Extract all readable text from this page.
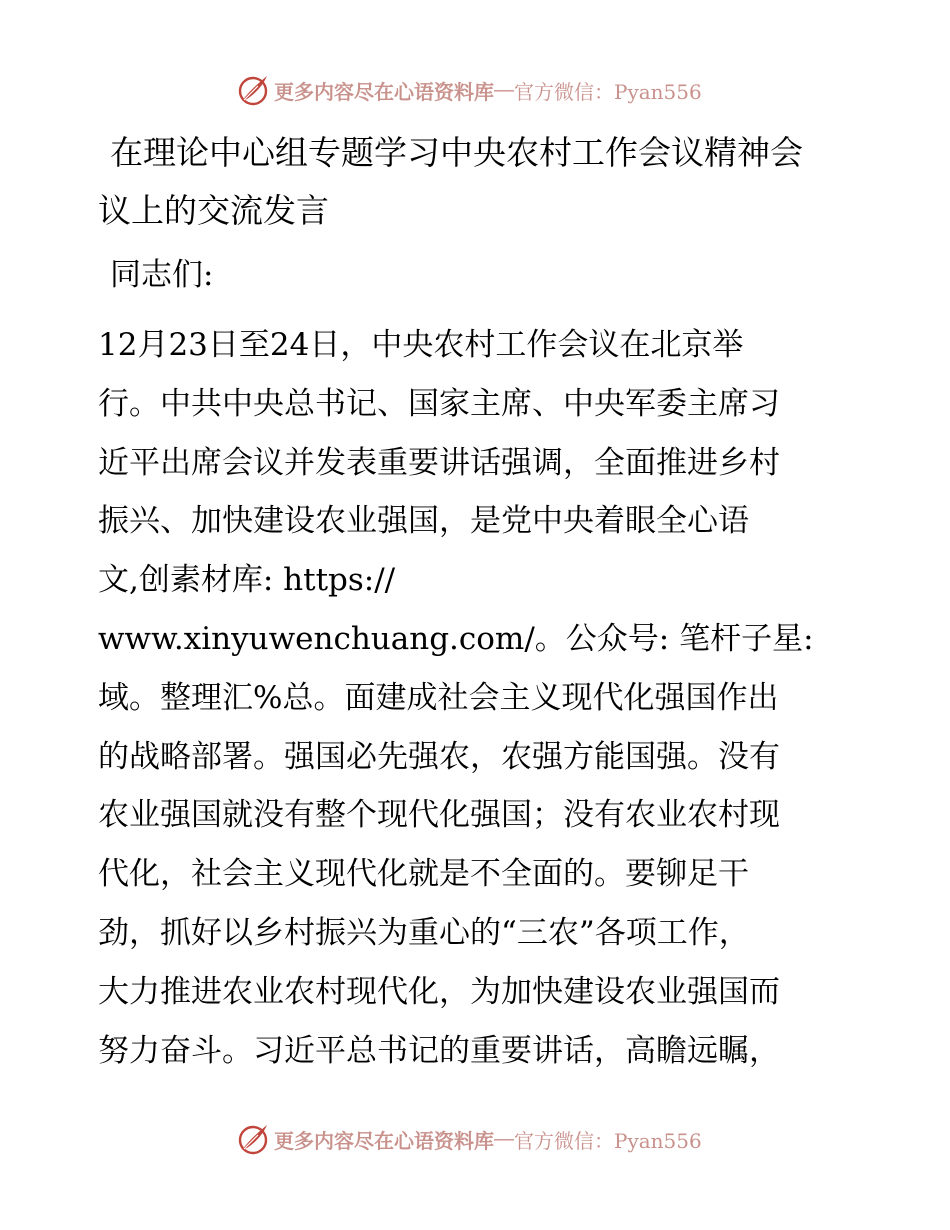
更多内容尽在心语资料库 — 官方微信：Pyan556
在理论中心组专题学习中央农村工作会议精神会
议上的交流发言

同志们:

12月23日至24日，中央农村工作会议在北京举
行。中共中央总书记、国家主席、中央军委主席习
近平出席会议并发表重要讲话强调，全面推进乡村
振兴、加快建设农业强国，是党中央着眼全心语
文,创素材库: https://
www.xinyuwenchuang.com/。公众号: 笔杆子星:
域。整理汇%总。面建成社会主义现代化强国作出
的战略部署。强国必先强农，农强方能国强。没有
农业强国就没有整个现代化强国；没有农业农村现
代化，社会主义现代化就是不全面的。要铆足干
劲，抓好以乡村振兴为重心的“三农”各项工作，
大力推进农业农村现代化，为加快建设农业强国而
努力奋斗。习近平总书记的重要讲话，高瞻远瞩，
更多内容尽在心语资料库 — 官方微信：Pyan556
